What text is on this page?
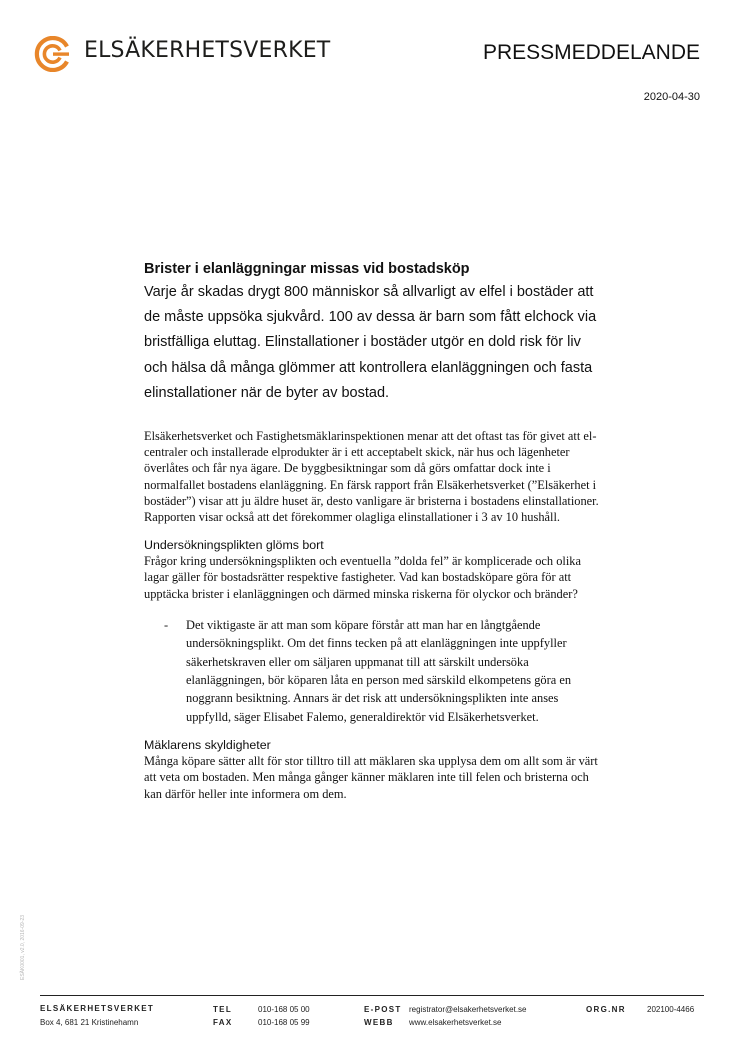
ELSÄKERHETSVERKET	PRESSMEDDELANDE
2020-04-30
Brister i elanläggningar missas vid bostadsköp
Varje år skadas drygt 800 människor så allvarligt av elfel i bostäder att de måste uppsöka sjukvård. 100 av dessa är barn som fått elchock via bristfälliga eluttag. Elinstallationer i bostäder utgör en dold risk för liv och hälsa då många glömmer att kontrollera elanläggningen och fasta elinstallationer när de byter av bostad.
Elsäkerhetsverket och Fastighetsmäklarinspektionen menar att det oftast tas för givet att el-centraler och installerade elprodukter är i ett acceptabelt skick, när hus och lägenheter överlåtes och får nya ägare. De byggbesiktningar som då görs omfattar dock inte i normalfallet bostadens elanläggning. En färsk rapport från Elsäkerhetsverket (”Elsäkerhet i bostäder”) visar att ju äldre huset är, desto vanligare är bristerna i bostadens elinstallationer. Rapporten visar också att det förekommer olagliga elinstallationer i 3 av 10 hushåll.
Undersökningsplikten glöms bort
Frågor kring undersökningsplikten och eventuella ”dolda fel” är komplicerade och olika lagar gäller för bostadsrätter respektive fastigheter. Vad kan bostadsköpare göra för att upptäcka brister i elanläggningen och därmed minska riskerna för olyckor och bränder?
-	Det viktigaste är att man som köpare förstår att man har en långtgående undersökningsplikt. Om det finns tecken på att elanläggningen inte uppfyller säkerhetskraven eller om säljaren uppmanat till att särskilt undersöka elanläggningen, bör köparen låta en person med särskild elkompetens göra en noggrann besiktning. Annars är det risk att undersökningsplikten inte anses uppfylld, säger Elisabet Falemo, generaldirektör vid Elsäkerhetsverket.
Mäklarens skyldigheter
Många köpare sätter allt för stor tilltro till att mäklaren ska upplysa dem om allt som är värt att veta om bostaden. Men många gånger känner mäklaren inte till felen och bristerna och kan därför heller inte informera om dem.
ESÄK0001, v2.0, 2016-09-23
ELSÄKERHETSVERKET
Box 4, 681 21 Kristinehamn
TEL	010-168 05 00
FAX	010-168 05 99
E-POST registrator@elsakerhetsverket.se
WEBB www.elsakerhetsverket.se
ORG.NR	202100-4466
